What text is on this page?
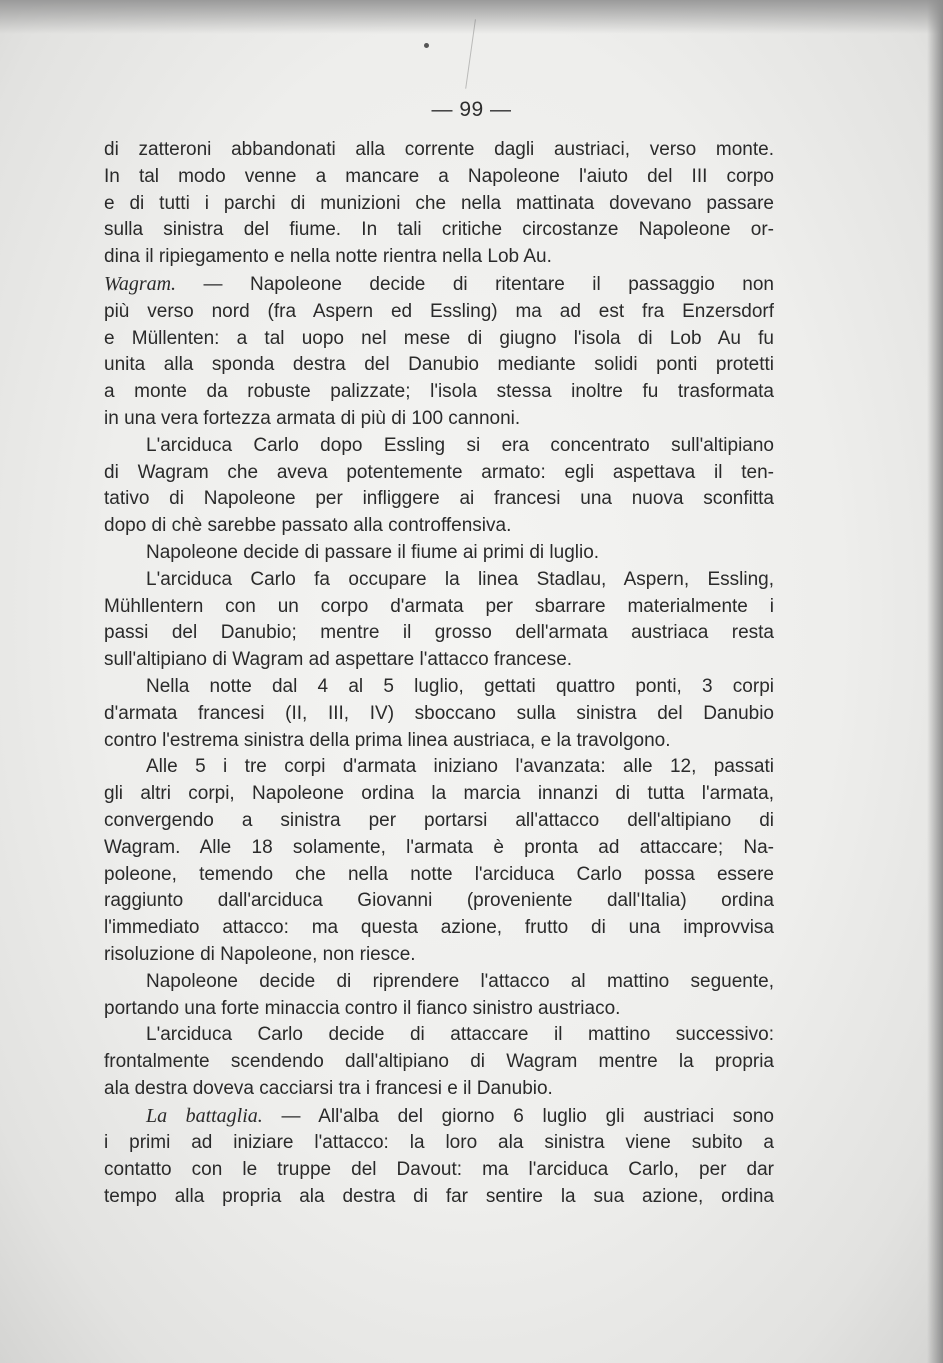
— 99 —
di zatteroni abbandonati alla corrente dagli austriaci, verso monte.
In tal modo venne a mancare a Napoleone l'aiuto del III corpo
e di tutti i parchi di munizioni che nella mattinata dovevano passare
sulla sinistra del fiume. In tali critiche circostanze Napoleone or-
dina il ripiegamento e nella notte rientra nella Lob Au.
Wagram. — Napoleone decide di ritentare il passaggio non
più verso nord (fra Aspern ed Essling) ma ad est fra Enzersdorf
e Müllenten: a tal uopo nel mese di giugno l'isola di Lob Au fu
unita alla sponda destra del Danubio mediante solidi ponti protetti
a monte da robuste palizzate; l'isola stessa inoltre fu trasformata
in una vera fortezza armata di più di 100 cannoni.
L'arciduca Carlo dopo Essling si era concentrato sull'altipiano
di Wagram che aveva potentemente armato: egli aspettava il ten-
tativo di Napoleone per infliggere ai francesi una nuova sconfitta
dopo di chè sarebbe passato alla controffensiva.
Napoleone decide di passare il fiume ai primi di luglio.
L'arciduca Carlo fa occupare la linea Stadlau, Aspern, Essling,
Mühllentern con un corpo d'armata per sbarrare materialmente i
passi del Danubio; mentre il grosso dell'armata austriaca resta
sull'altipiano di Wagram ad aspettare l'attacco francese.
Nella notte dal 4 al 5 luglio, gettati quattro ponti, 3 corpi
d'armata francesi (II, III, IV) sboccano sulla sinistra del Danubio
contro l'estrema sinistra della prima linea austriaca, e la travolgono.
Alle 5 i tre corpi d'armata iniziano l'avanzata: alle 12, passati
gli altri corpi, Napoleone ordina la marcia innanzi di tutta l'armata,
convergendo a sinistra per portarsi all'attacco dell'altipiano di
Wagram. Alle 18 solamente, l'armata è pronta ad attaccare; Na-
poleone, temendo che nella notte l'arciduca Carlo possa essere
raggiunto dall'arciduca Giovanni (proveniente dall'Italia) ordina
l'immediato attacco: ma questa azione, frutto di una improvvisa
risoluzione di Napoleone, non riesce.
Napoleone decide di riprendere l'attacco al mattino seguente,
portando una forte minaccia contro il fianco sinistro austriaco.
L'arciduca Carlo decide di attaccare il mattino successivo:
frontalmente scendendo dall'altipiano di Wagram mentre la propria
ala destra doveva cacciarsi tra i francesi e il Danubio.
La battaglia. — All'alba del giorno 6 luglio gli austriaci sono
i primi ad iniziare l'attacco: la loro ala sinistra viene subito a
contatto con le truppe del Davout: ma l'arciduca Carlo, per dar
tempo alla propria ala destra di far sentire la sua azione, ordina
